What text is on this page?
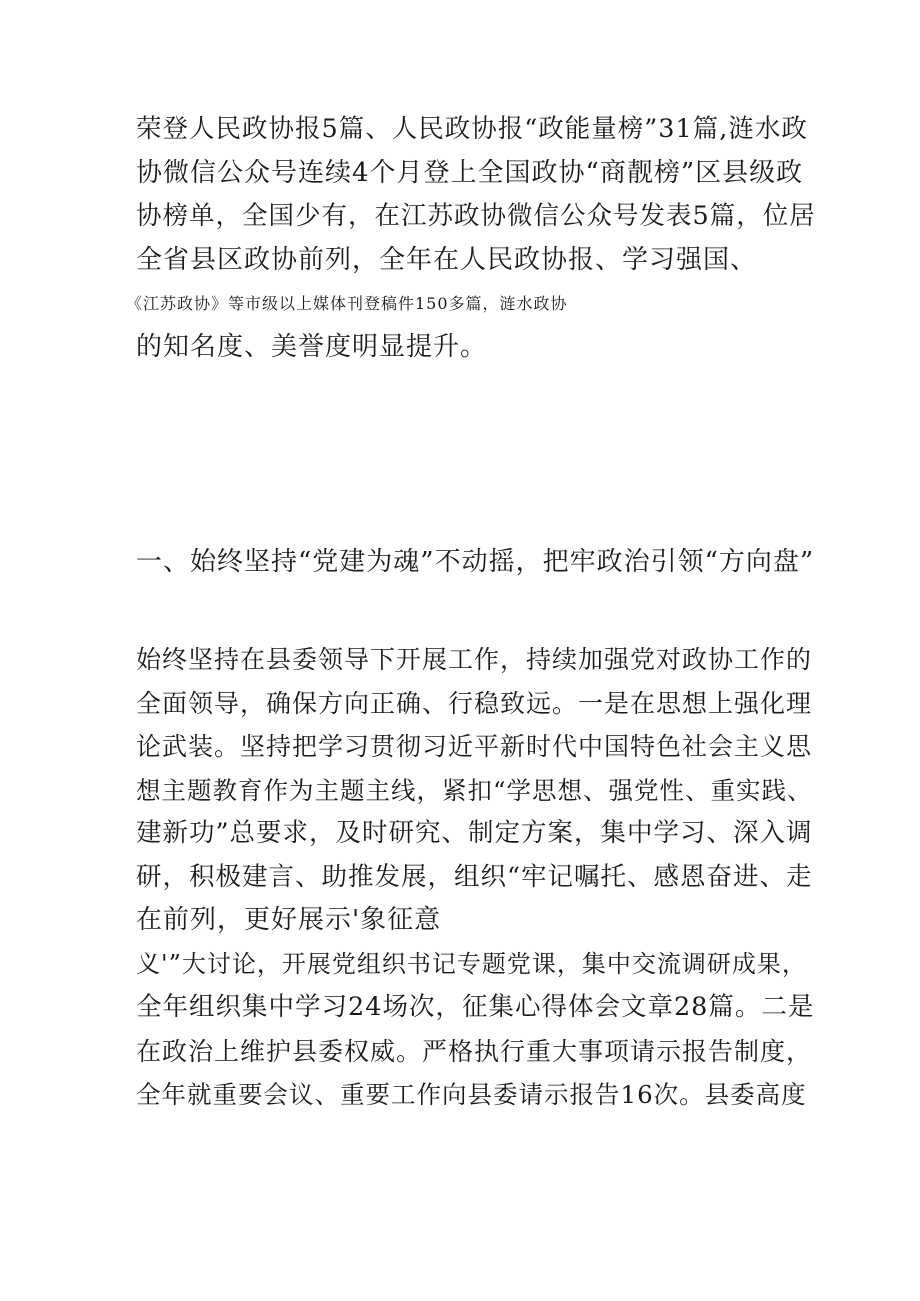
荣登人民政协报5篇、人民政协报“政能量榜”31篇,涟水政
协微信公众号连续4个月登上全国政协“商靓榜”区县级政
协榜单，全国少有，在江苏政协微信公众号发表5篇，位居
全省县区政协前列，全年在人民政协报、学习强国、
《江苏政协》等市级以上媒体刊登稿件150多篇，涟水政协
的知名度、美誉度明显提升。
一、始终坚持“党建为魂”不动摇，把牢政治引领“方向盘”
始终坚持在县委领导下开展工作，持续加强党对政协工作的
全面领导，确保方向正确、行稳致远。一是在思想上强化理
论武装。坚持把学习贯彻习近平新时代中国特色社会主义思
想主题教育作为主题主线，紧扣“学思想、强党性、重实践、
建新功”总要求，及时研究、制定方案，集中学习、深入调
研，积极建言、助推发展，组织“牢记嘱托、感恩奋进、走
在前列，更好展示'象征意
义'”大讨论，开展党组织书记专题党课，集中交流调研成果，
全年组织集中学习24场次，征集心得体会文章28篇。二是
在政治上维护县委权威。严格执行重大事项请示报告制度，
全年就重要会议、重要工作向县委请示报告16次。县委高度
